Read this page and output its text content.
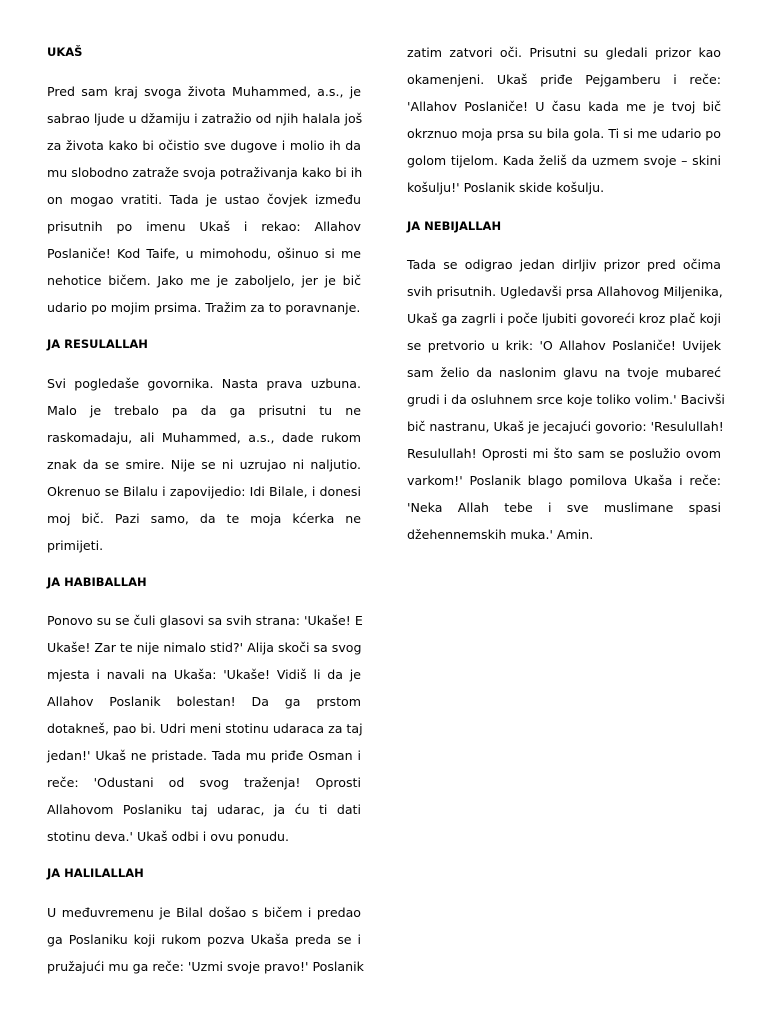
UKAŠ
Pred sam kraj svoga života Muhammed, a.s., je
sabrao ljude u džamiju i zatražio od njih halala još
za života kako bi očistio sve dugove i molio ih da
mu slobodno zatraže svoja potraživanja kako bi ih
on mogao vratiti. Tada je ustao čovjek između
prisutnih po imenu Ukaš i rekao: Allahov
Poslaniče! Kod Taife, u mimohodu, ošinuo si me
nehotice bičem. Jako me je zaboljelo, jer je bič
udario po mojim prsima. Tražim za to poravnanje.
JA RESULALLAH
Svi pogledaše govornika. Nasta prava uzbuna.
Malo je trebalo pa da ga prisutni tu ne
raskomadaju, ali Muhammed, a.s., dade rukom
znak da se smire. Nije se ni uzrujao ni naljutio.
Okrenuo se Bilalu i zapovijedio: Idi Bilale, i donesi
moj bič. Pazi samo, da te moja kćerka ne
primijeti.
JA HABIBALLAH
Ponovo su se čuli glasovi sa svih strana: 'Ukaše! E
Ukaše! Zar te nije nimalo stid?' Alija skoči sa svog
mjesta i navali na Ukaša: 'Ukaše! Vidiš li da je
Allahov Poslanik bolestan! Da ga prstom
dotakneš, pao bi. Udri meni stotinu udaraca za taj
jedan!' Ukaš ne pristade. Tada mu priđe Osman i
reče: 'Odustani od svog traženja! Oprosti
Allahovom Poslaniku taj udarac, ja ću ti dati
stotinu deva.' Ukaš odbi i ovu ponudu.
JA HALILALLAH
U međuvremenu je Bilal došao s bičem i predao
ga Poslaniku koji rukom pozva Ukaša preda se i
pružajući mu ga reče: 'Uzmi svoje pravo!' Poslanik
zatim zatvori oči. Prisutni su gledali prizor kao
okamenjeni. Ukaš priđe Pejgamberu i reče:
'Allahov Poslaniče! U času kada me je tvoj bič
okrznuo moja prsa su bila gola. Ti si me udario po
golom tijelom. Kada želiš da uzmem svoje – skini
košulju!' Poslanik skide košulju.
JA NEBIJALLAH
Tada se odigrao jedan dirljiv prizor pred očima
svih prisutnih. Ugledavši prsa Allahovog Miljenika,
Ukaš ga zagrli i poče ljubiti govoreći kroz plač koji
se pretvorio u krik: 'O Allahov Poslaniče! Uvijek
sam želio da naslonim glavu na tvoje mubareć
grudi i da osluhnem srce koje toliko volim.' Bacivši
bič nastranu, Ukaš je jecajući govorio: 'Resulullah!
Resulullah! Oprosti mi što sam se poslužio ovom
varkom!' Poslanik blago pomilova Ukaša i reče:
'Neka Allah tebe i sve muslimane spasi
džehennemskih muka.' Amin.
